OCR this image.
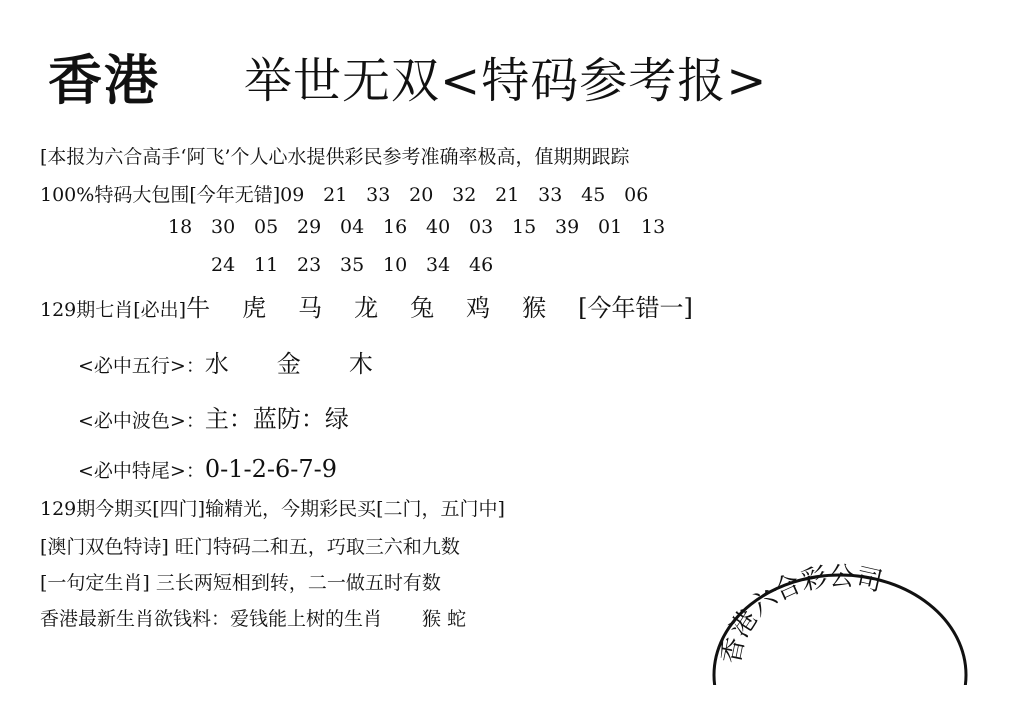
香港 举世无双<特码参考报>
[本报为六合高手‘阿飞’个人心水提供彩民参考准确率极高，值期期跟踪
100%特码大包围[今年无错]09 21 33 20 32 21 33 45 06
18 30 05 29 04 16 40 03 15 39 01 13
24 11 23 35 10 34 46
129期七肖[必出]牛 虎 马 龙 兔 鸡 猴 [今年错一]
<必中五行>：水　　金　　木
<必中波色>：主：蓝防：绿
<必中特尾>：0-1-2-6-7-9
129期今期买[四门]输精光，今期彩民买[二门，五门中]
[澳门双色特诗] 旺门特码二和五，巧取三六和九数
[一句定生肖] 三长两短相到转，二一做五时有数
香港最新生肖欲钱料：爱钱能上树的生肖 猴 蛇
香港六合彩公司
